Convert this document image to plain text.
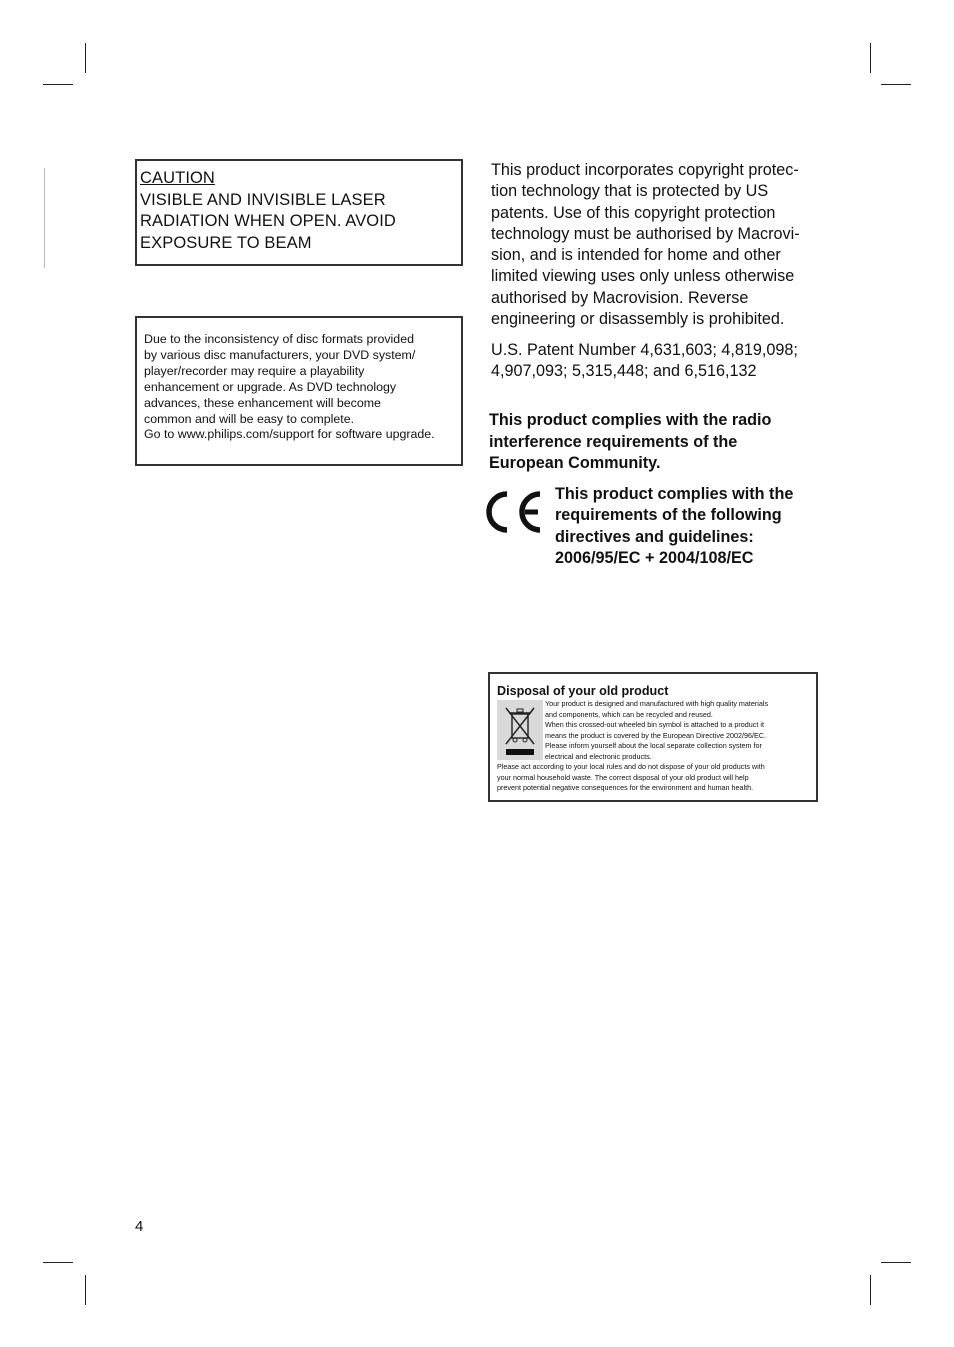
CAUTION
VISIBLE AND INVISIBLE LASER
RADIATION WHEN OPEN. AVOID
EXPOSURE TO BEAM
Due to the inconsistency of disc formats provided
by various disc manufacturers, your DVD system/
player/recorder may require a playability
enhancement or upgrade. As DVD technology
advances, these enhancement will become
common and will be easy to complete.
Go to www.philips.com/support for software upgrade.
This product incorporates copyright protec-
tion technology that is protected by US
patents. Use of this copyright protection
technology must be authorised by Macrovi-
sion, and is intended for home and other
limited viewing uses only unless otherwise
authorised by Macrovision. Reverse
engineering or disassembly is prohibited.
U.S. Patent Number 4,631,603; 4,819,098;
4,907,093; 5,315,448; and 6,516,132
This product complies with the radio
interference requirements of the
European Community.
This product complies with the
requirements of the following
directives and guidelines:
2006/95/EC + 2004/108/EC
Disposal of your old product
Your product is designed and manufactured with high quality materials
and components, which can be recycled and reused.
When this crossed-out wheeled bin symbol is attached to a product it
means the product is covered by the European Directive 2002/96/EC.
Please inform yourself about the local separate collection system for
electrical and electronic products.
Please act according to your local rules and do not dispose of your old products with
your normal household waste. The correct disposal of your old product will help
prevent potential negative consequences for the environment and human health.
4
